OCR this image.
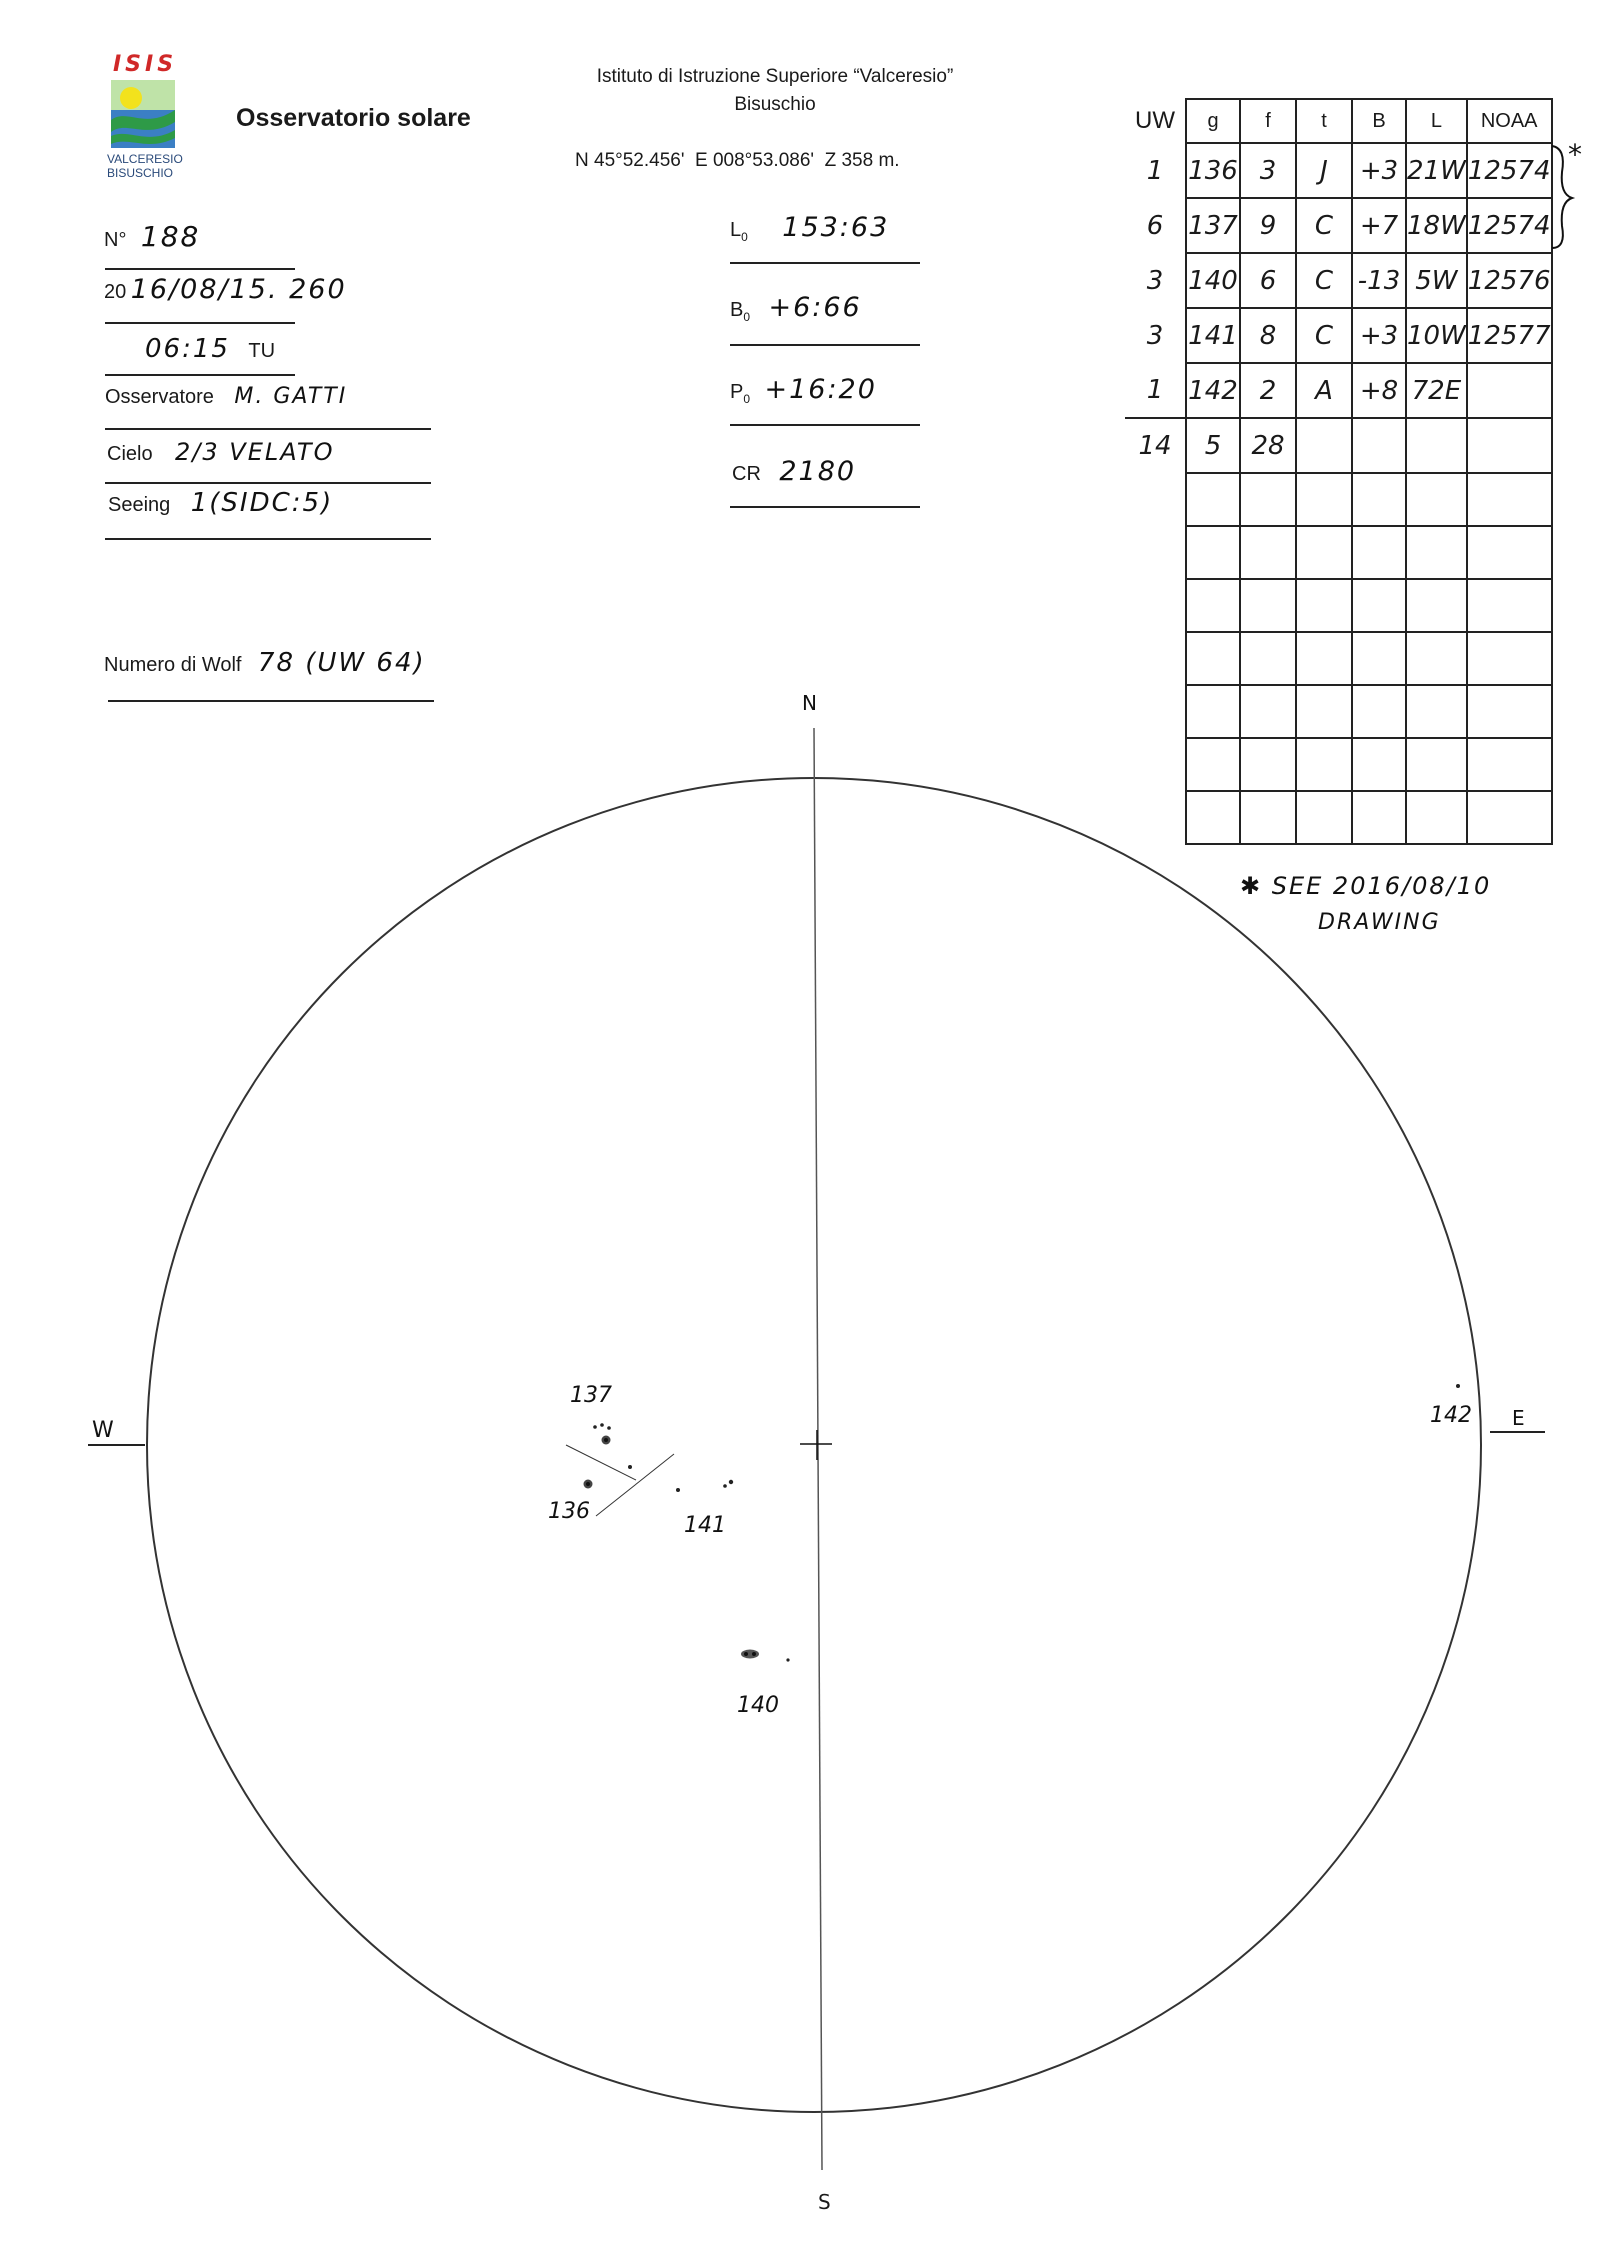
ISIS
VALCERESIO
BISUSCHIO
Osservatorio solare
Istituto di Istruzione Superiore “Valceresio”
Bisuschio
N 45°52.456'  E 008°53.086'  Z 358 m.
N° 188
20 16/08/15. 260
06:15 TU
Osservatore M. GATTI
Cielo 2/3 VELATO
Seeing 1(SIDC:5)
Numero di Wolf 78 (UW 64)
$L_0$ 153:63
$B_0$ +6:66
$P_0$ +16:20
CR 2180
UW	g	f	t	B	L	NOAA
1	136	3	J	+3	21W	12574
6	137	9	C	+7	18W	12574
3	140	6	C	-13	5W	12576
3	141	8	C	+3	10W	12577
1	142	2	A	+8	72E	
14	5	28				

*
✱ SEE 2016/08/10
DRAWING
N
W	E
137
136
141
140
142
S
